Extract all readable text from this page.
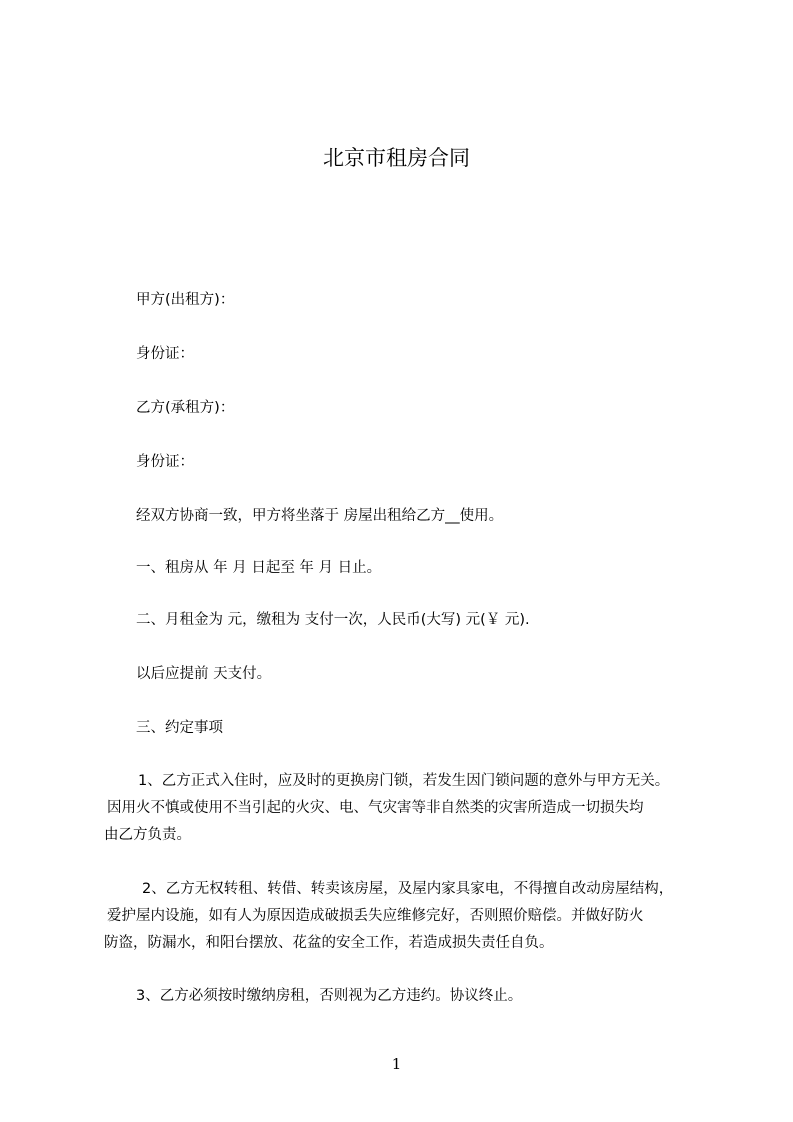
北京市租房合同
甲方(出租方)：
身份证：
乙方(承租方)：
身份证：
经双方协商一致，甲方将坐落于 房屋出租给乙方__使用。
一、租房从 年 月 日起至 年 月 日止。
二、月租金为 元，缴租为 支付一次，人民币(大写) 元(￥ 元).
以后应提前 天支付。
三、约定事项
1、乙方正式入住时，应及时的更换房门锁，若发生因门锁问题的意外与甲方无关。
因用火不慎或使用不当引起的火灾、电、气灾害等非自然类的灾害所造成一切损失均
由乙方负责。
2、乙方无权转租、转借、转卖该房屋，及屋内家具家电，不得擅自改动房屋结构，
爱护屋内设施，如有人为原因造成破损丢失应维修完好，否则照价赔偿。并做好防火
防盗，防漏水，和阳台摆放、花盆的安全工作，若造成损失责任自负。
3、乙方必须按时缴纳房租，否则视为乙方违约。协议终止。
1
